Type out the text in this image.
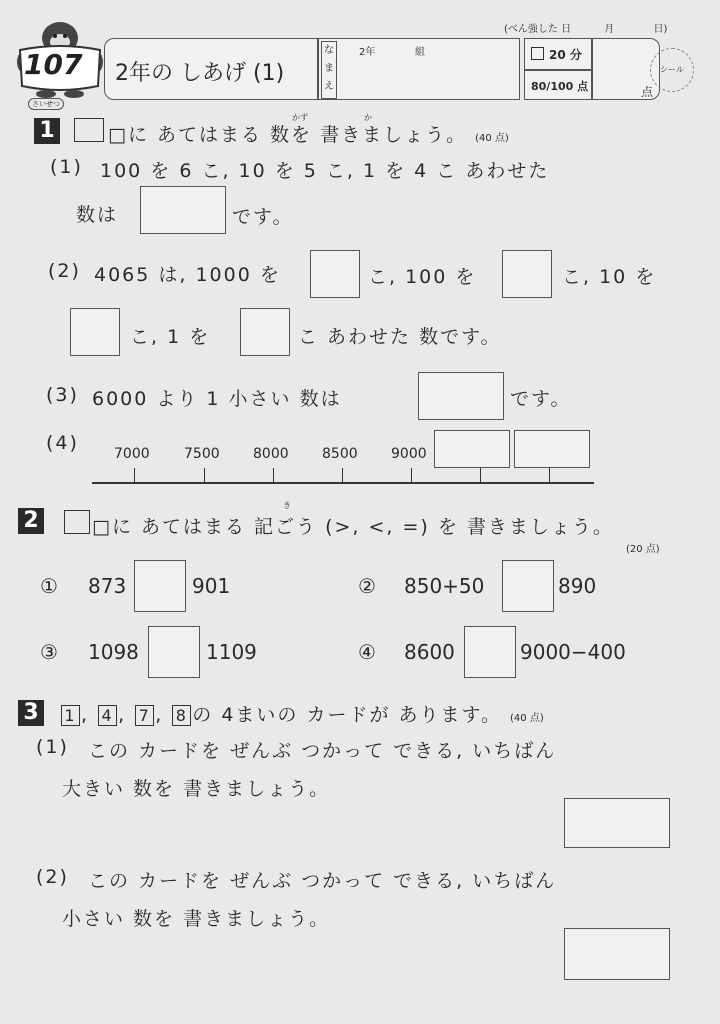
(べん強した 日	月	日)
107
さいせつ
2年の しあげ (1)
なまえ
2年	組	20 分
80/100 点	点
シール
1
かず	か
□に あてはまる 数を 書きましょう。 (40 点)
(1) 100 を 6 こ, 10 を 5 こ, 1 を 4 こ あわせた
数は	です。
(2) 4065 は, 1000 を	こ, 100 を	こ, 10 を
こ, 1 を	こ あわせた 数です。
(3) 6000 より 1 小さい 数は	です。
(4)	7000 7500 8000 8500 9000
2
き
□に あてはまる 記ごう (>, <, =) を 書きましょう。
(20 点)
① 873	901	② 850+50	890
③ 1098	1109	④ 8600	9000−400
3	1 , 4 , 7 , 8 の 4まいの カードが あります。 (40 点)
(1) この カードを ぜんぶ つかって できる, いちばん
大きい 数を 書きましょう。
(2) この カードを ぜんぶ つかって できる, いちばん
小さい 数を 書きましょう。
